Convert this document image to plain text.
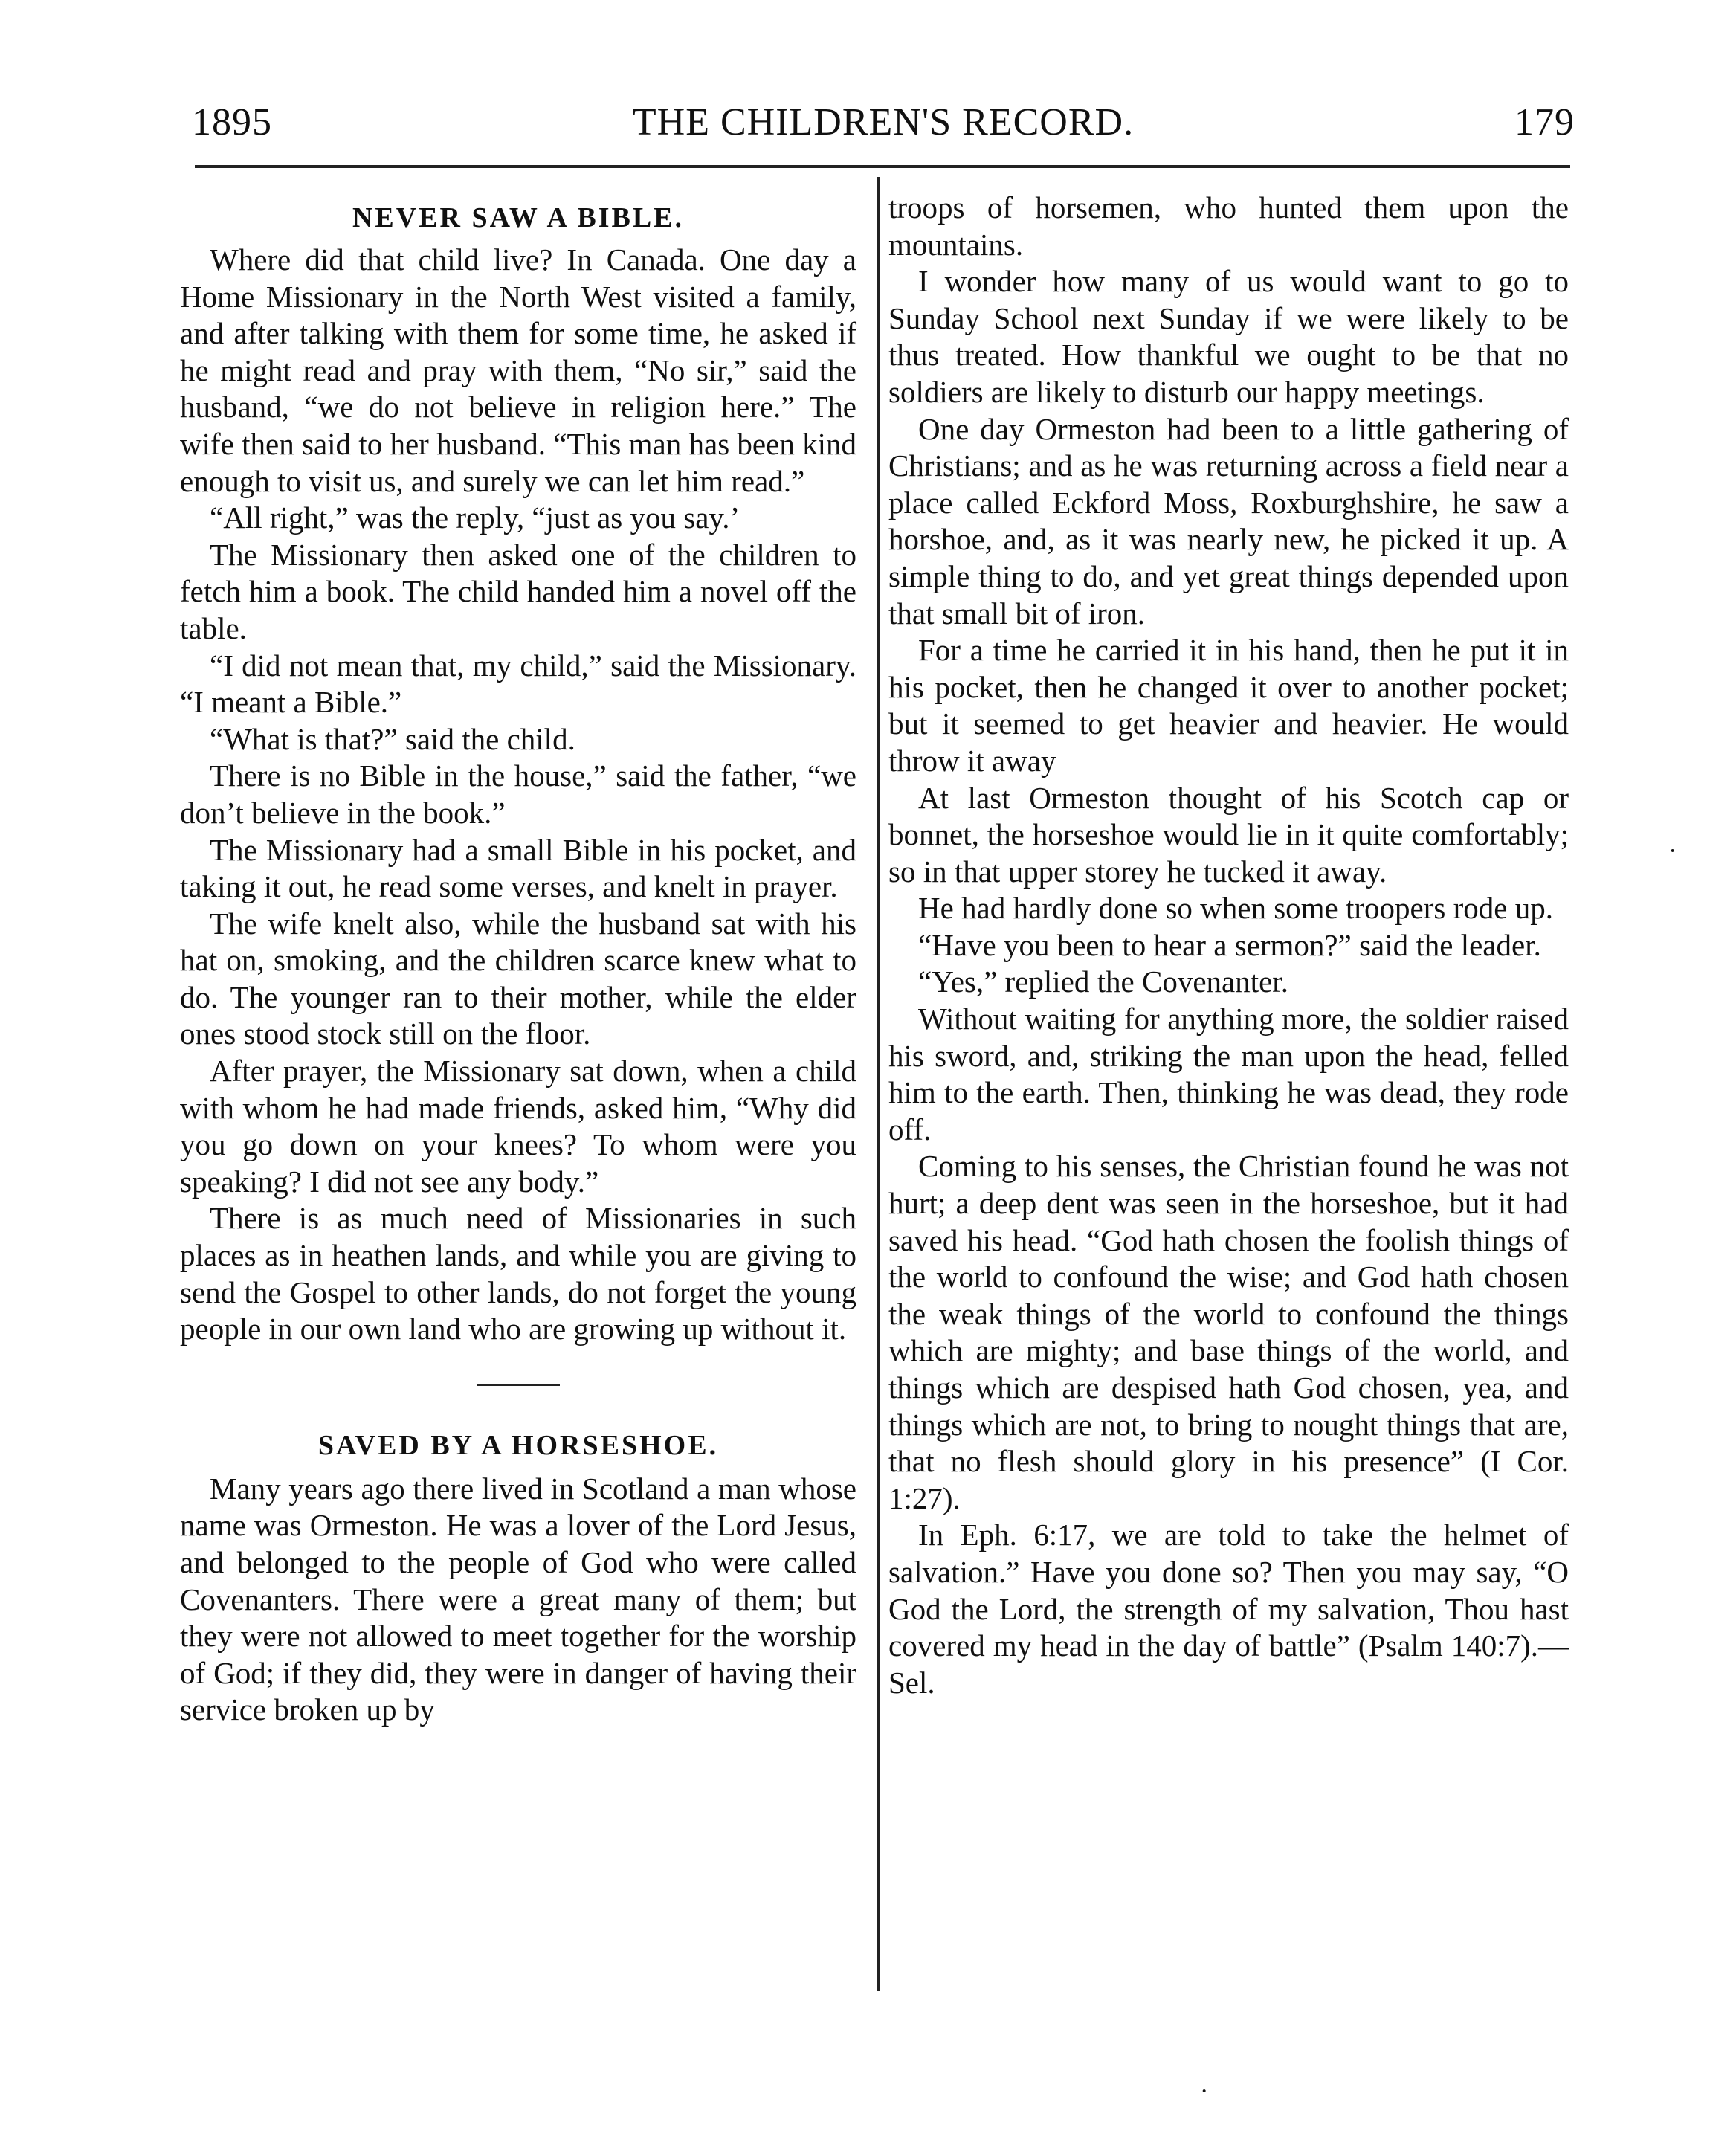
1895	THE CHILDREN'S RECORD.	179
NEVER SAW A BIBLE.

Where did that child live? In Canada. One day a Home Missionary in the North West visited a family, and after talking with them for some time, he asked if he might read and pray with them, “No sir,” said the husband, “we do not believe in religion here.” The wife then said to her husband. “This man has been kind enough to visit us, and surely we can let him read.”

“All right,” was the reply, “just as you say.’

The Missionary then asked one of the children to fetch him a book. The child handed him a novel off the table.

“I did not mean that, my child,” said the Missionary. “I meant a Bible.”

“What is that?” said the child.

There is no Bible in the house,” said the father, “we don’t believe in the book.”

The Missionary had a small Bible in his pocket, and taking it out, he read some verses, and knelt in prayer.

The wife knelt also, while the husband sat with his hat on, smoking, and the children scarce knew what to do. The younger ran to their mother, while the elder ones stood stock still on the floor.

After prayer, the Missionary sat down, when a child with whom he had made friends, asked him, “Why did you go down on your knees? To whom were you speaking? I did not see any body.”

There is as much need of Missionaries in such places as in heathen lands, and while you are giving to send the Gospel to other lands, do not forget the young people in our own land who are growing up without it.

SAVED BY A HORSESHOE.

Many years ago there lived in Scotland a man whose name was Ormeston. He was a lover of the Lord Jesus, and belonged to the people of God who were called Covenanters. There were a great many of them; but they were not allowed to meet together for the worship of God; if they did, they were in danger of having their service broken up by

troops of horsemen, who hunted them upon the mountains.

I wonder how many of us would want to go to Sunday School next Sunday if we were likely to be thus treated. How thankful we ought to be that no soldiers are likely to disturb our happy meetings.

One day Ormeston had been to a little gathering of Christians; and as he was returning across a field near a place called Eckford Moss, Roxburghshire, he saw a horshoe, and, as it was nearly new, he picked it up. A simple thing to do, and yet great things depended upon that small bit of iron.

For a time he carried it in his hand, then he put it in his pocket, then he changed it over to another pocket; but it seemed to get heavier and heavier. He would throw it away

At last Ormeston thought of his Scotch cap or bonnet, the horseshoe would lie in it quite comfortably; so in that upper storey he tucked it away.

He had hardly done so when some troopers rode up.

“Have you been to hear a sermon?” said the leader.

“Yes,” replied the Covenanter.

Without waiting for anything more, the soldier raised his sword, and, striking the man upon the head, felled him to the earth. Then, thinking he was dead, they rode off.

Coming to his senses, the Christian found he was not hurt; a deep dent was seen in the horseshoe, but it had saved his head. “God hath chosen the foolish things of the world to confound the wise; and God hath chosen the weak things of the world to confound the things which are mighty; and base things of the world, and things which are despised hath God chosen, yea, and things which are not, to bring to nought things that are, that no flesh should glory in his presence” (I Cor. 1:27).

In Eph. 6:17, we are told to take the helmet of salvation.” Have you done so? Then you may say, “O God the Lord, the strength of my salvation, Thou hast covered my head in the day of battle” (Psalm 140:7).—Sel.

·
·
